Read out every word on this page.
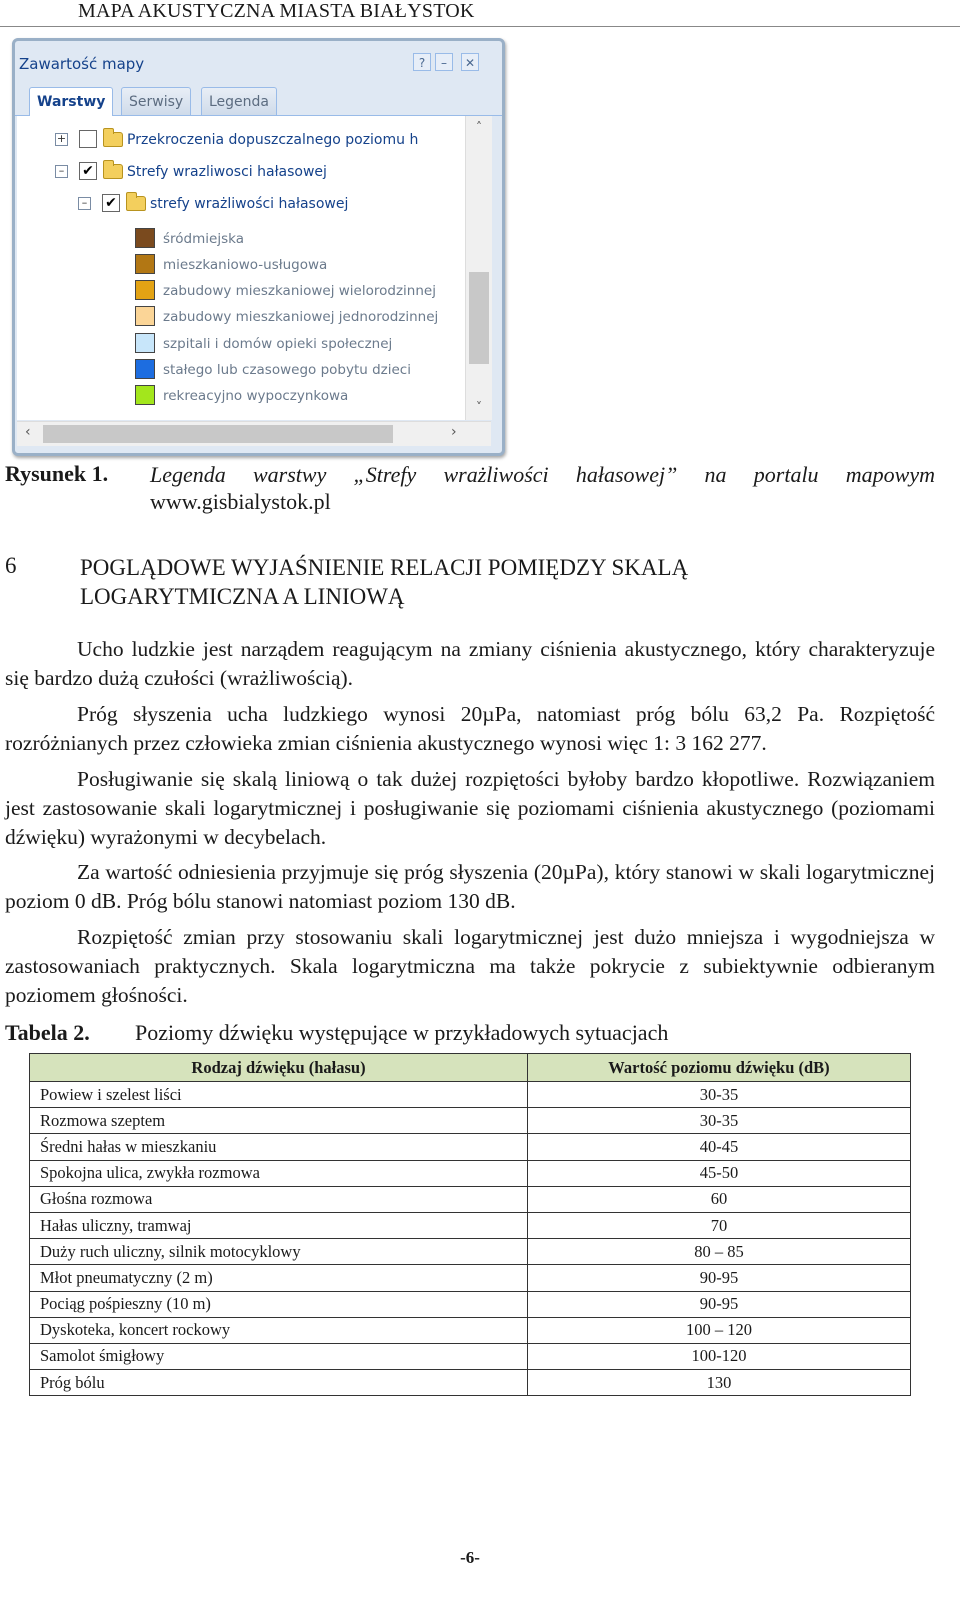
MAPA AKUSTYCZNA MIASTA BIAŁYSTOK
Zawartość mapy	?	–	✕
Warstwy	Serwisy	Legenda
+	Przekroczenia dopuszczalnego poziomu h
– ✔ Strefy wrazliwosci hałasowej
– ✔ strefy wrażliwości hałasowej
śródmiejska
mieszkaniowo-usługowa
zabudowy mieszkaniowej wielorodzinnej
zabudowy mieszkaniowej jednorodzinnej
szpitali i domów opieki społecznej
stałego lub czasowego pobytu dzieci
rekreacyjno wypoczynkowa
˄
˅
‹	›
Rysunek 1. Legenda warstwy „Strefy wrażliwości hałasowej” na portalu mapowym
www.gisbialystok.pl
6	POGLĄDOWE WYJAŚNIENIE RELACJI POMIĘDZY SKALĄ
LOGARYTMICZNA A LINIOWĄ
Ucho ludzkie jest narządem reagującym na zmiany ciśnienia akustycznego, który charakteryzuje się bardzo dużą czułości (wrażliwością).
Próg słyszenia ucha ludzkiego wynosi 20µPa, natomiast próg bólu 63,2 Pa. Rozpiętość rozróżnianych przez człowieka zmian ciśnienia akustycznego wynosi więc 1: 3 162 277.
Posługiwanie się skalą liniową o tak dużej rozpiętości byłoby bardzo kłopotliwe. Rozwiązaniem jest zastosowanie skali logarytmicznej i posługiwanie się poziomami ciśnienia akustycznego (poziomami dźwięku) wyrażonymi w decybelach.
Za wartość odniesienia przyjmuje się próg słyszenia (20µPa), który stanowi w skali logarytmicznej poziom 0 dB. Próg bólu stanowi natomiast poziom 130 dB.
Rozpiętość zmian przy stosowaniu skali logarytmicznej jest dużo mniejsza i wygodniejsza w zastosowaniach praktycznych. Skala logarytmiczna ma także pokrycie z subiektywnie odbieranym poziomem głośności.
Tabela 2. Poziomy dźwięku występujące w przykładowych sytuacjach
Rodzaj dźwięku (hałasu)	Wartość poziomu dźwięku (dB)
Powiew i szelest liści	30-35
Rozmowa szeptem	30-35
Średni hałas w mieszkaniu	40-45
Spokojna ulica, zwykła rozmowa	45-50
Głośna rozmowa	60
Hałas uliczny, tramwaj	70
Duży ruch uliczny, silnik motocyklowy	80 – 85
Młot pneumatyczny (2 m)	90-95
Pociąg pośpieszny (10 m)	90-95
Dyskoteka, koncert rockowy	100 – 120
Samolot śmigłowy	100-120
Próg bólu	130
-6-
